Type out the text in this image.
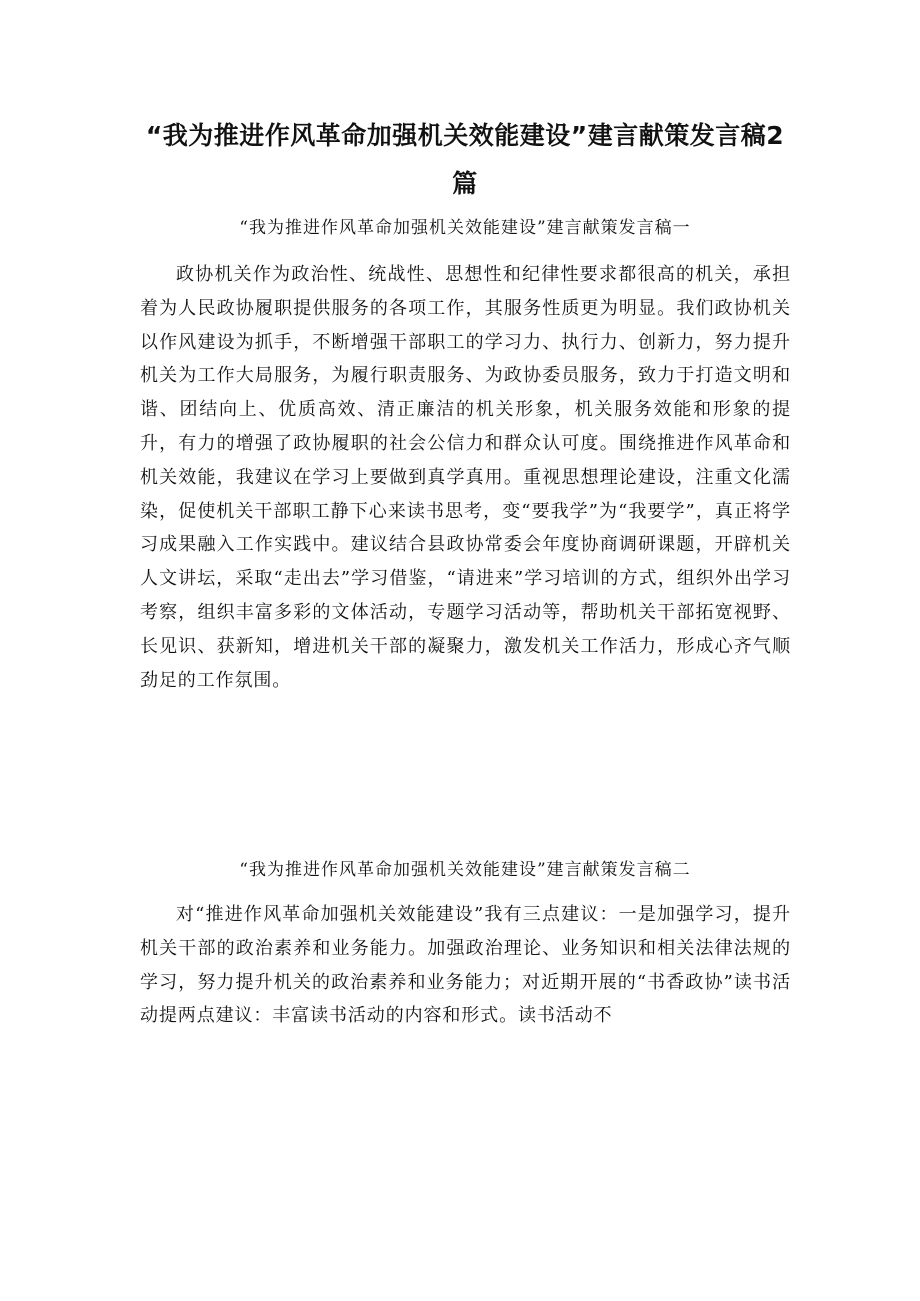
“我为推进作风革命加强机关效能建设”建言献策发言稿2篇
“我为推进作风革命加强机关效能建设”建言献策发言稿一

政协机关作为政治性、统战性、思想性和纪律性要求都很高的机关，承担着为人民政协履职提供服务的各项工作，其服务性质更为明显。我们政协机关以作风建设为抓手，不断增强干部职工的学习力、执行力、创新力，努力提升机关为工作大局服务，为履行职责服务、为政协委员服务，致力于打造文明和谐、团结向上、优质高效、清正廉洁的机关形象，机关服务效能和形象的提升，有力的增强了政协履职的社会公信力和群众认可度。围绕推进作风革命和机关效能，我建议在学习上要做到真学真用。重视思想理论建设，注重文化濡染，促使机关干部职工静下心来读书思考，变“要我学”为“我要学”，真正将学习成果融入工作实践中。建议结合县政协常委会年度协商调研课题，开辟机关人文讲坛，采取“走出去”学习借鉴，“请进来”学习培训的方式，组织外出学习考察，组织丰富多彩的文体活动，专题学习活动等，帮助机关干部拓宽视野、长见识、获新知，增进机关干部的凝聚力，激发机关工作活力，形成心齐气顺劲足的工作氛围。

“我为推进作风革命加强机关效能建设”建言献策发言稿二

对“推进作风革命加强机关效能建设”我有三点建议：一是加强学习，提升机关干部的政治素养和业务能力。加强政治理论、业务知识和相关法律法规的学习，努力提升机关的政治素养和业务能力；对近期开展的“书香政协”读书活动提两点建议：丰富读书活动的内容和形式。读书活动不
